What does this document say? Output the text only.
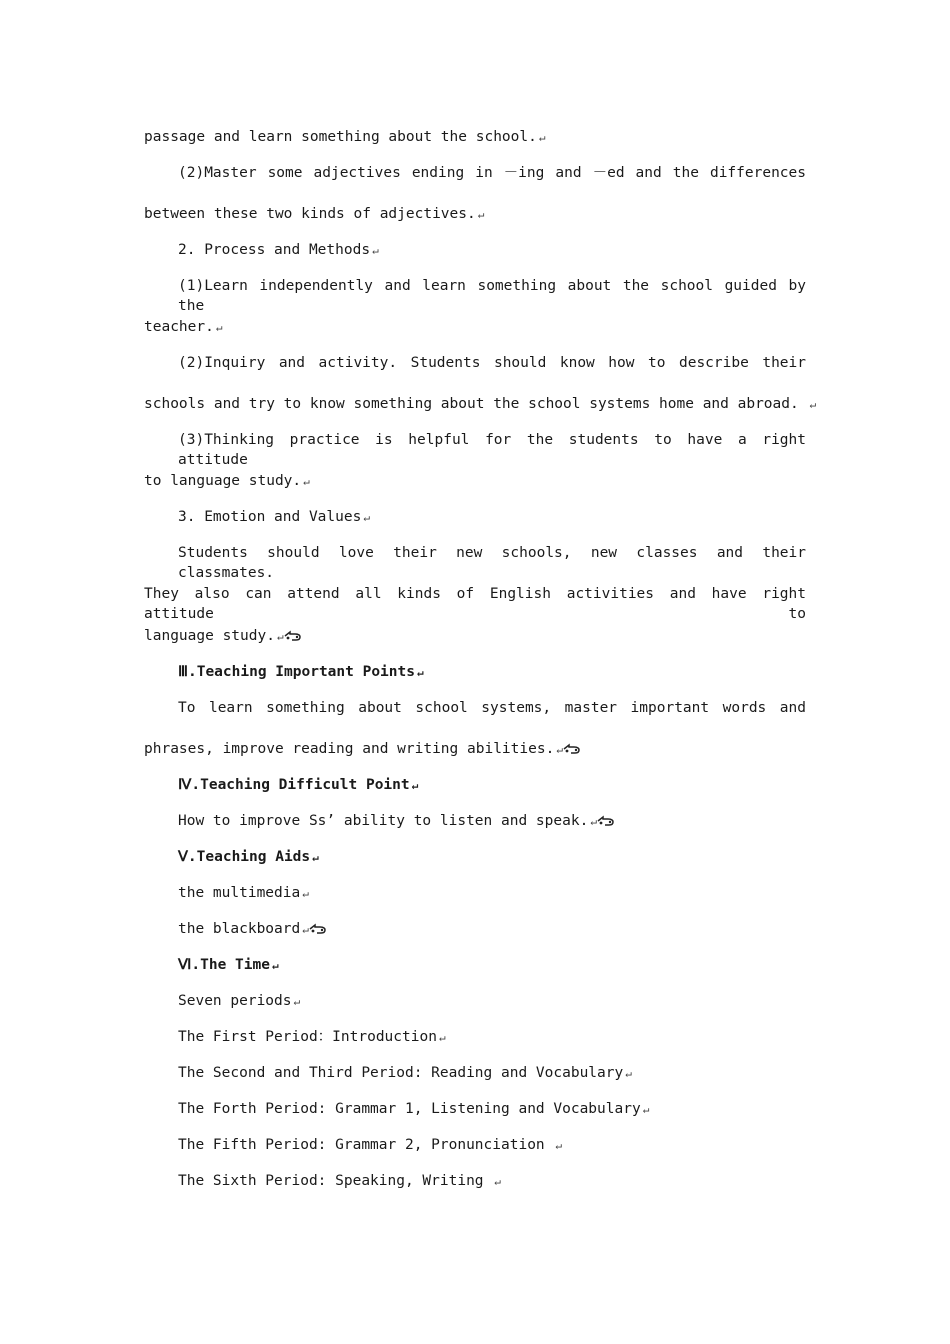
passage and learn something about the school. ↵
(2)Master some adjectives ending in －ing and －ed and the differences
between these two kinds of adjectives. ↵
2. Process and Methods ↵
(1)Learn independently and learn something about the school guided by the
teacher. ↵
(2)Inquiry and activity. Students should know how to describe their
schools and try to know something about the school systems home and abroad. ↵
(3)Thinking practice is helpful for the students to have a right attitude
to language study. ↵
3. Emotion and Values ↵
Students should love their new schools, new classes and their classmates.
They also can attend all kinds of English activities and have right attitude to
language study. ↵
Ⅲ.Teaching Important Points ↵
To learn something about school systems, master important words and
phrases, improve reading and writing abilities. ↵
Ⅳ.Teaching Difficult Point ↵
How to improve Ss’ ability to listen and speak. ↵
Ⅴ.Teaching Aids ↵
the multimedia ↵
the blackboard ↵
Ⅵ.The Time ↵
Seven periods ↵
The First Period：Introduction ↵
The Second and Third Period: Reading and Vocabulary ↵
The Forth Period: Grammar 1, Listening and Vocabulary ↵
The Fifth Period: Grammar 2, Pronunciation ↵
The Sixth Period: Speaking, Writing ↵
